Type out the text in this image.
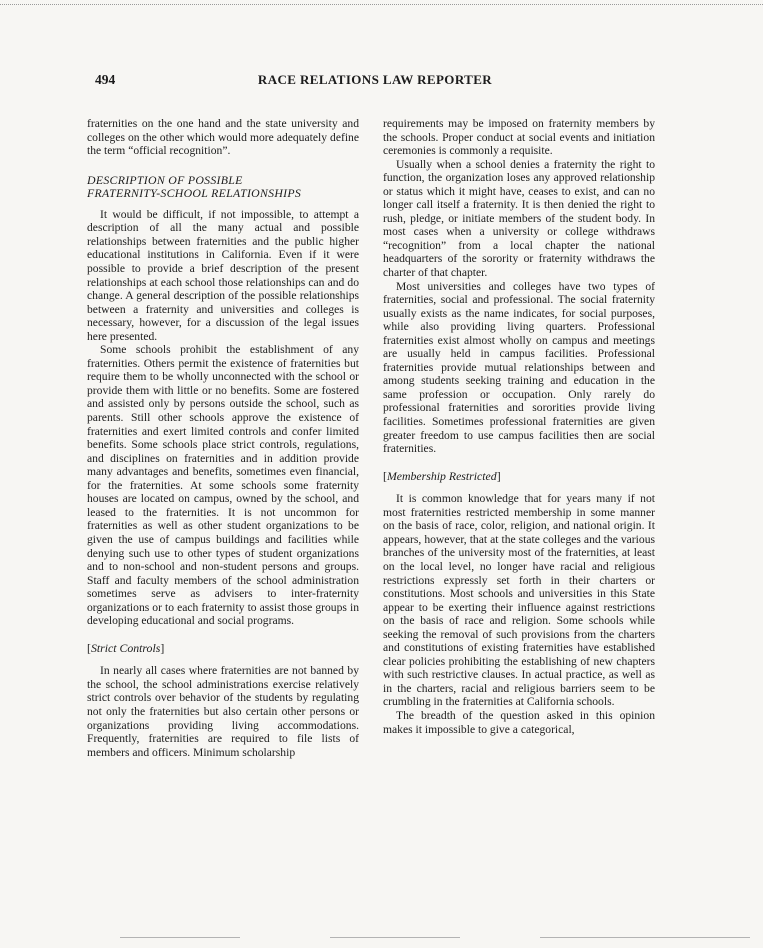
494	RACE RELATIONS LAW REPORTER

fraternities on the one hand and the state university and colleges on the other which would more adequately define the term “official recognition”.

DESCRIPTION OF POSSIBLE
FRATERNITY-SCHOOL RELATIONSHIPS

It would be difficult, if not impossible, to attempt a description of all the many actual and possible relationships between fraternities and the public higher educational institutions in California. Even if it were possible to provide a brief description of the present relationships at each school those relationships can and do change. A general description of the possible relationships between a fraternity and universities and colleges is necessary, however, for a discussion of the legal issues here presented.

Some schools prohibit the establishment of any fraternities. Others permit the existence of fraternities but require them to be wholly unconnected with the school or provide them with little or no benefits. Some are fostered and assisted only by persons outside the school, such as parents. Still other schools approve the existence of fraternities and exert limited controls and confer limited benefits. Some schools place strict controls, regulations, and disciplines on fraternities and in addition provide many advantages and benefits, sometimes even financial, for the fraternities. At some schools some fraternity houses are located on campus, owned by the school, and leased to the fraternities. It is not uncommon for fraternities as well as other student organizations to be given the use of campus buildings and facilities while denying such use to other types of student organizations and to non-school and non-student persons and groups. Staff and faculty members of the school administration sometimes serve as advisers to inter-fraternity organizations or to each fraternity to assist those groups in developing educational and social programs.

[Strict Controls]

In nearly all cases where fraternities are not banned by the school, the school administrations exercise relatively strict controls over behavior of the students by regulating not only the fraternities but also certain other persons or organizations providing living accommodations. Frequently, fraternities are required to file lists of members and officers. Minimum scholarship

requirements may be imposed on fraternity members by the schools. Proper conduct at social events and initiation ceremonies is commonly a requisite.

Usually when a school denies a fraternity the right to function, the organization loses any approved relationship or status which it might have, ceases to exist, and can no longer call itself a fraternity. It is then denied the right to rush, pledge, or initiate members of the student body. In most cases when a university or college withdraws “recognition” from a local chapter the national headquarters of the sorority or fraternity withdraws the charter of that chapter.

Most universities and colleges have two types of fraternities, social and professional. The social fraternity usually exists as the name indicates, for social purposes, while also providing living quarters. Professional fraternities exist almost wholly on campus and meetings are usually held in campus facilities. Professional fraternities provide mutual relationships between and among students seeking training and education in the same profession or occupation. Only rarely do professional fraternities and sororities provide living facilities. Sometimes professional fraternities are given greater freedom to use campus facilities then are social fraternities.

[Membership Restricted]

It is common knowledge that for years many if not most fraternities restricted membership in some manner on the basis of race, color, religion, and national origin. It appears, however, that at the state colleges and the various branches of the university most of the fraternities, at least on the local level, no longer have racial and religious restrictions expressly set forth in their charters or constitutions. Most schools and universities in this State appear to be exerting their influence against restrictions on the basis of race and religion. Some schools while seeking the removal of such provisions from the charters and constitutions of existing fraternities have established clear policies prohibiting the establishing of new chapters with such restrictive clauses. In actual practice, as well as in the charters, racial and religious barriers seem to be crumbling in the fraternities at California schools.

The breadth of the question asked in this opinion makes it impossible to give a categorical,
